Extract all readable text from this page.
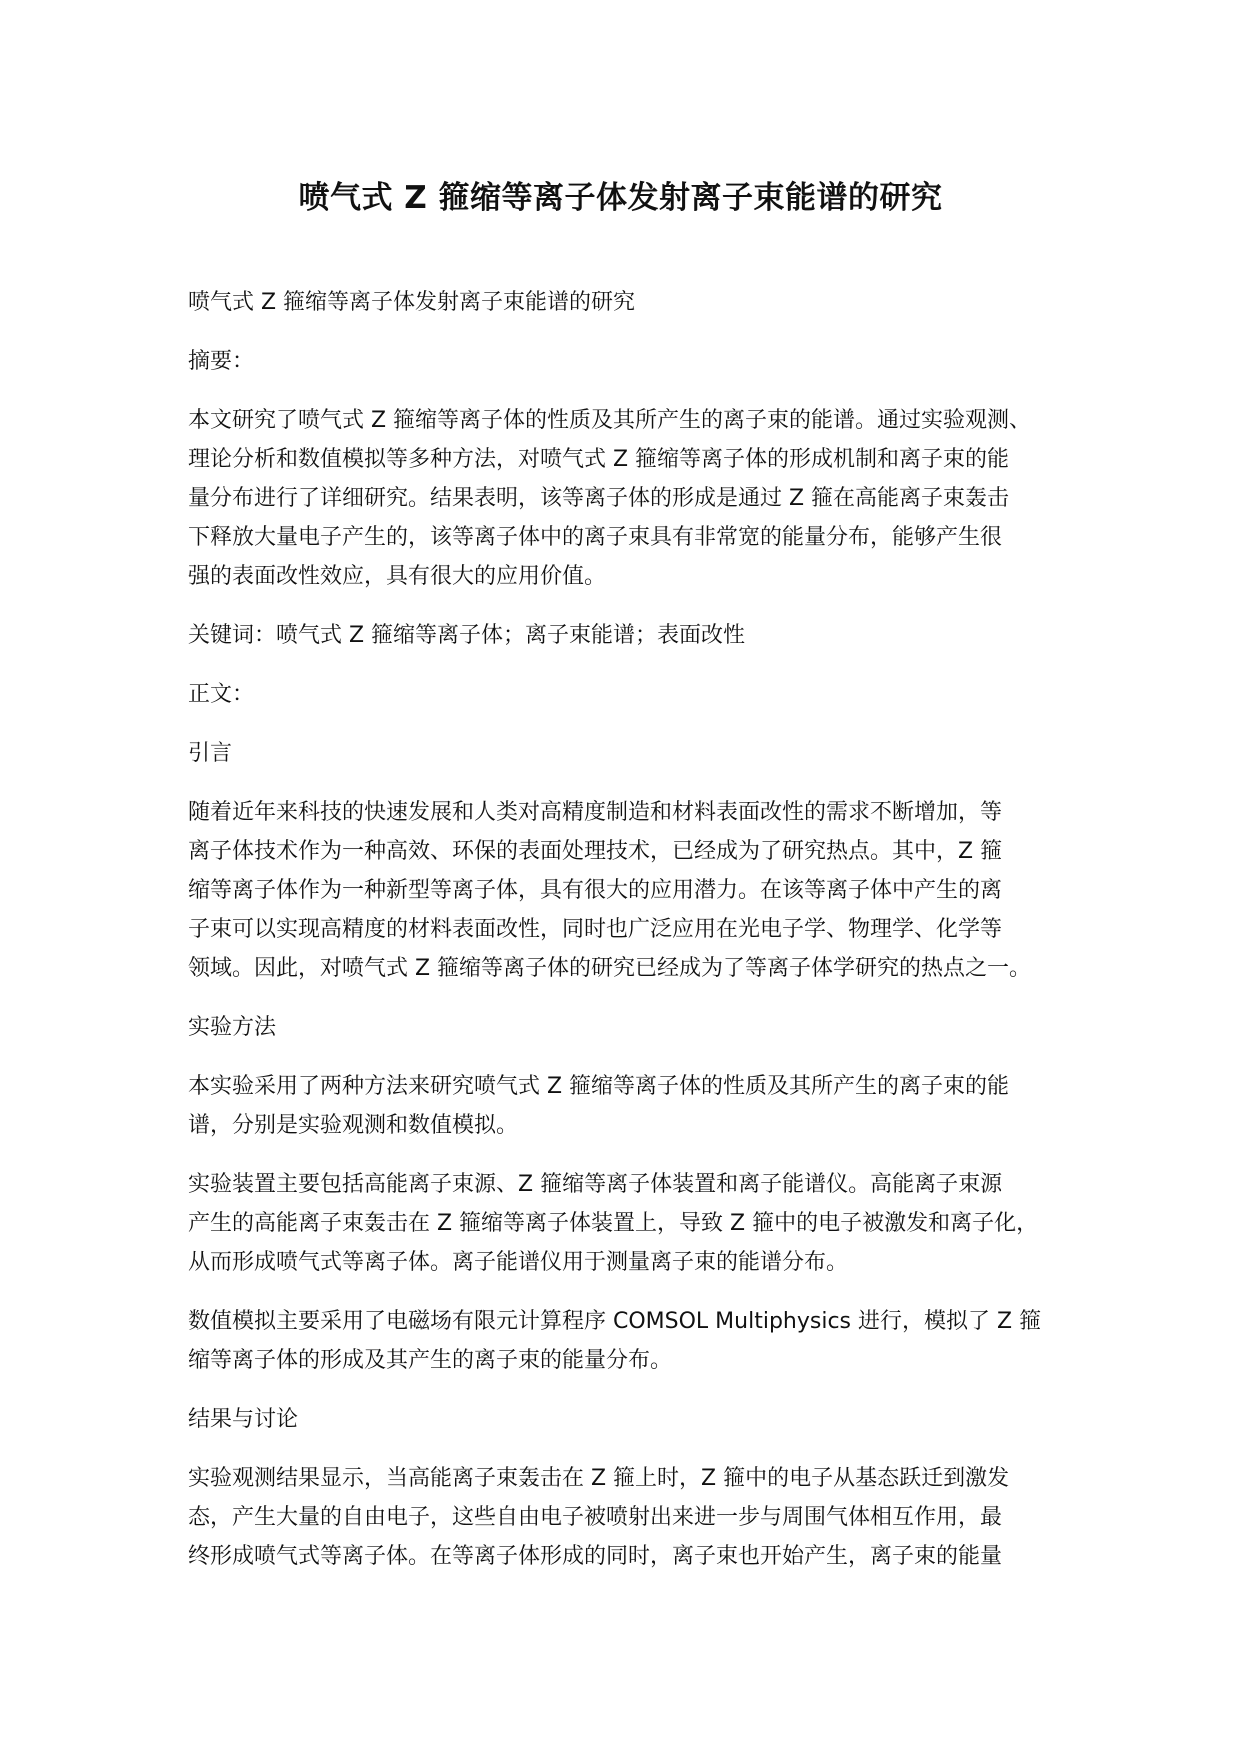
喷气式 Z 箍缩等离子体发射离子束能谱的研究

喷气式 Z 箍缩等离子体发射离子束能谱的研究

摘要：

本文研究了喷气式 Z 箍缩等离子体的性质及其所产生的离子束的能谱。通过实验观测、

理论分析和数值模拟等多种方法，对喷气式 Z 箍缩等离子体的形成机制和离子束的能

量分布进行了详细研究。结果表明，该等离子体的形成是通过 Z 箍在高能离子束轰击

下释放大量电子产生的，该等离子体中的离子束具有非常宽的能量分布，能够产生很

强的表面改性效应，具有很大的应用价值。

关键词：喷气式 Z 箍缩等离子体；离子束能谱；表面改性

正文：

引言

随着近年来科技的快速发展和人类对高精度制造和材料表面改性的需求不断增加，等

离子体技术作为一种高效、环保的表面处理技术，已经成为了研究热点。其中，Z 箍

缩等离子体作为一种新型等离子体，具有很大的应用潜力。在该等离子体中产生的离

子束可以实现高精度的材料表面改性，同时也广泛应用在光电子学、物理学、化学等

领域。因此，对喷气式 Z 箍缩等离子体的研究已经成为了等离子体学研究的热点之一。

实验方法

本实验采用了两种方法来研究喷气式 Z 箍缩等离子体的性质及其所产生的离子束的能

谱，分别是实验观测和数值模拟。

实验装置主要包括高能离子束源、Z 箍缩等离子体装置和离子能谱仪。高能离子束源

产生的高能离子束轰击在 Z 箍缩等离子体装置上，导致 Z 箍中的电子被激发和离子化，

从而形成喷气式等离子体。离子能谱仪用于测量离子束的能谱分布。

数值模拟主要采用了电磁场有限元计算程序 COMSOL Multiphysics 进行，模拟了 Z 箍

缩等离子体的形成及其产生的离子束的能量分布。

结果与讨论

实验观测结果显示，当高能离子束轰击在 Z 箍上时，Z 箍中的电子从基态跃迁到激发

态，产生大量的自由电子，这些自由电子被喷射出来进一步与周围气体相互作用，最

终形成喷气式等离子体。在等离子体形成的同时，离子束也开始产生，离子束的能量
